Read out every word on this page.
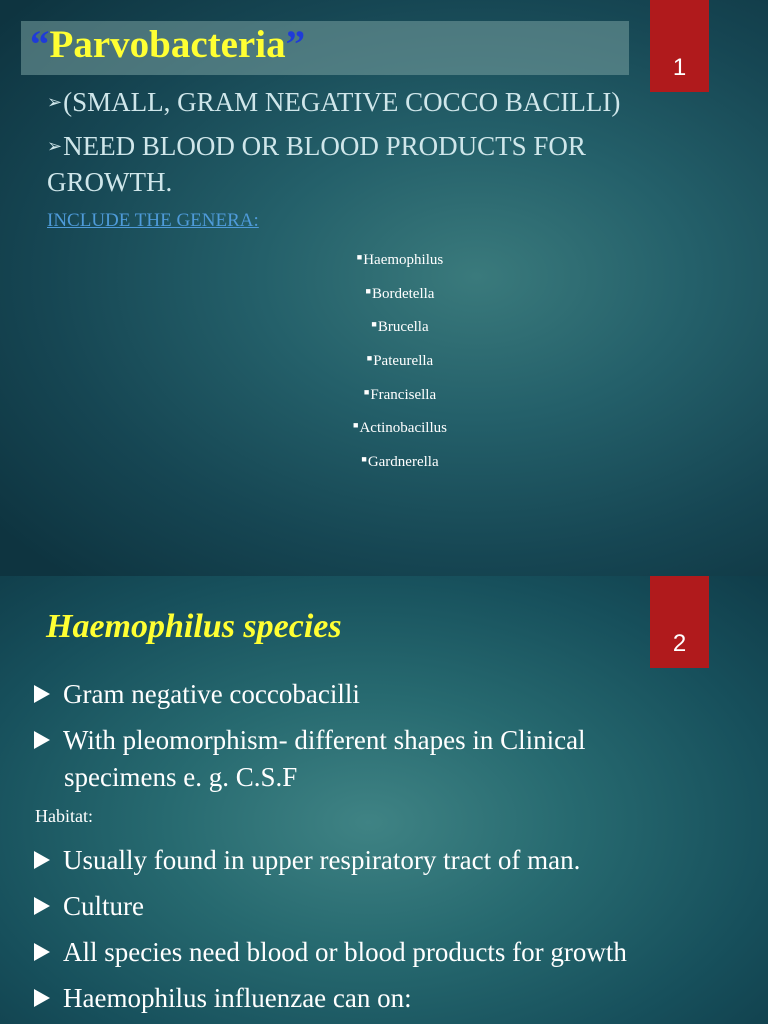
“Parvobacteria”
1
➢(SMALL, GRAM NEGATIVE COCCO BACILLI)
➢NEED BLOOD OR BLOOD PRODUCTS FOR
GROWTH.
INCLUDE THE GENERA:
■Haemophilus
■Bordetella
■Brucella
■Pateurella
■Francisella
■Actinobacillus
■Gardnerella
Haemophilus species	2
Gram negative coccobacilli
With pleomorphism- different shapes in Clinical
specimens e. g. C.S.F
Usually found in upper respiratory tract of man.
Culture
All species need blood or blood products for growth
Haemophilus influenzae can on:
Habitat:
